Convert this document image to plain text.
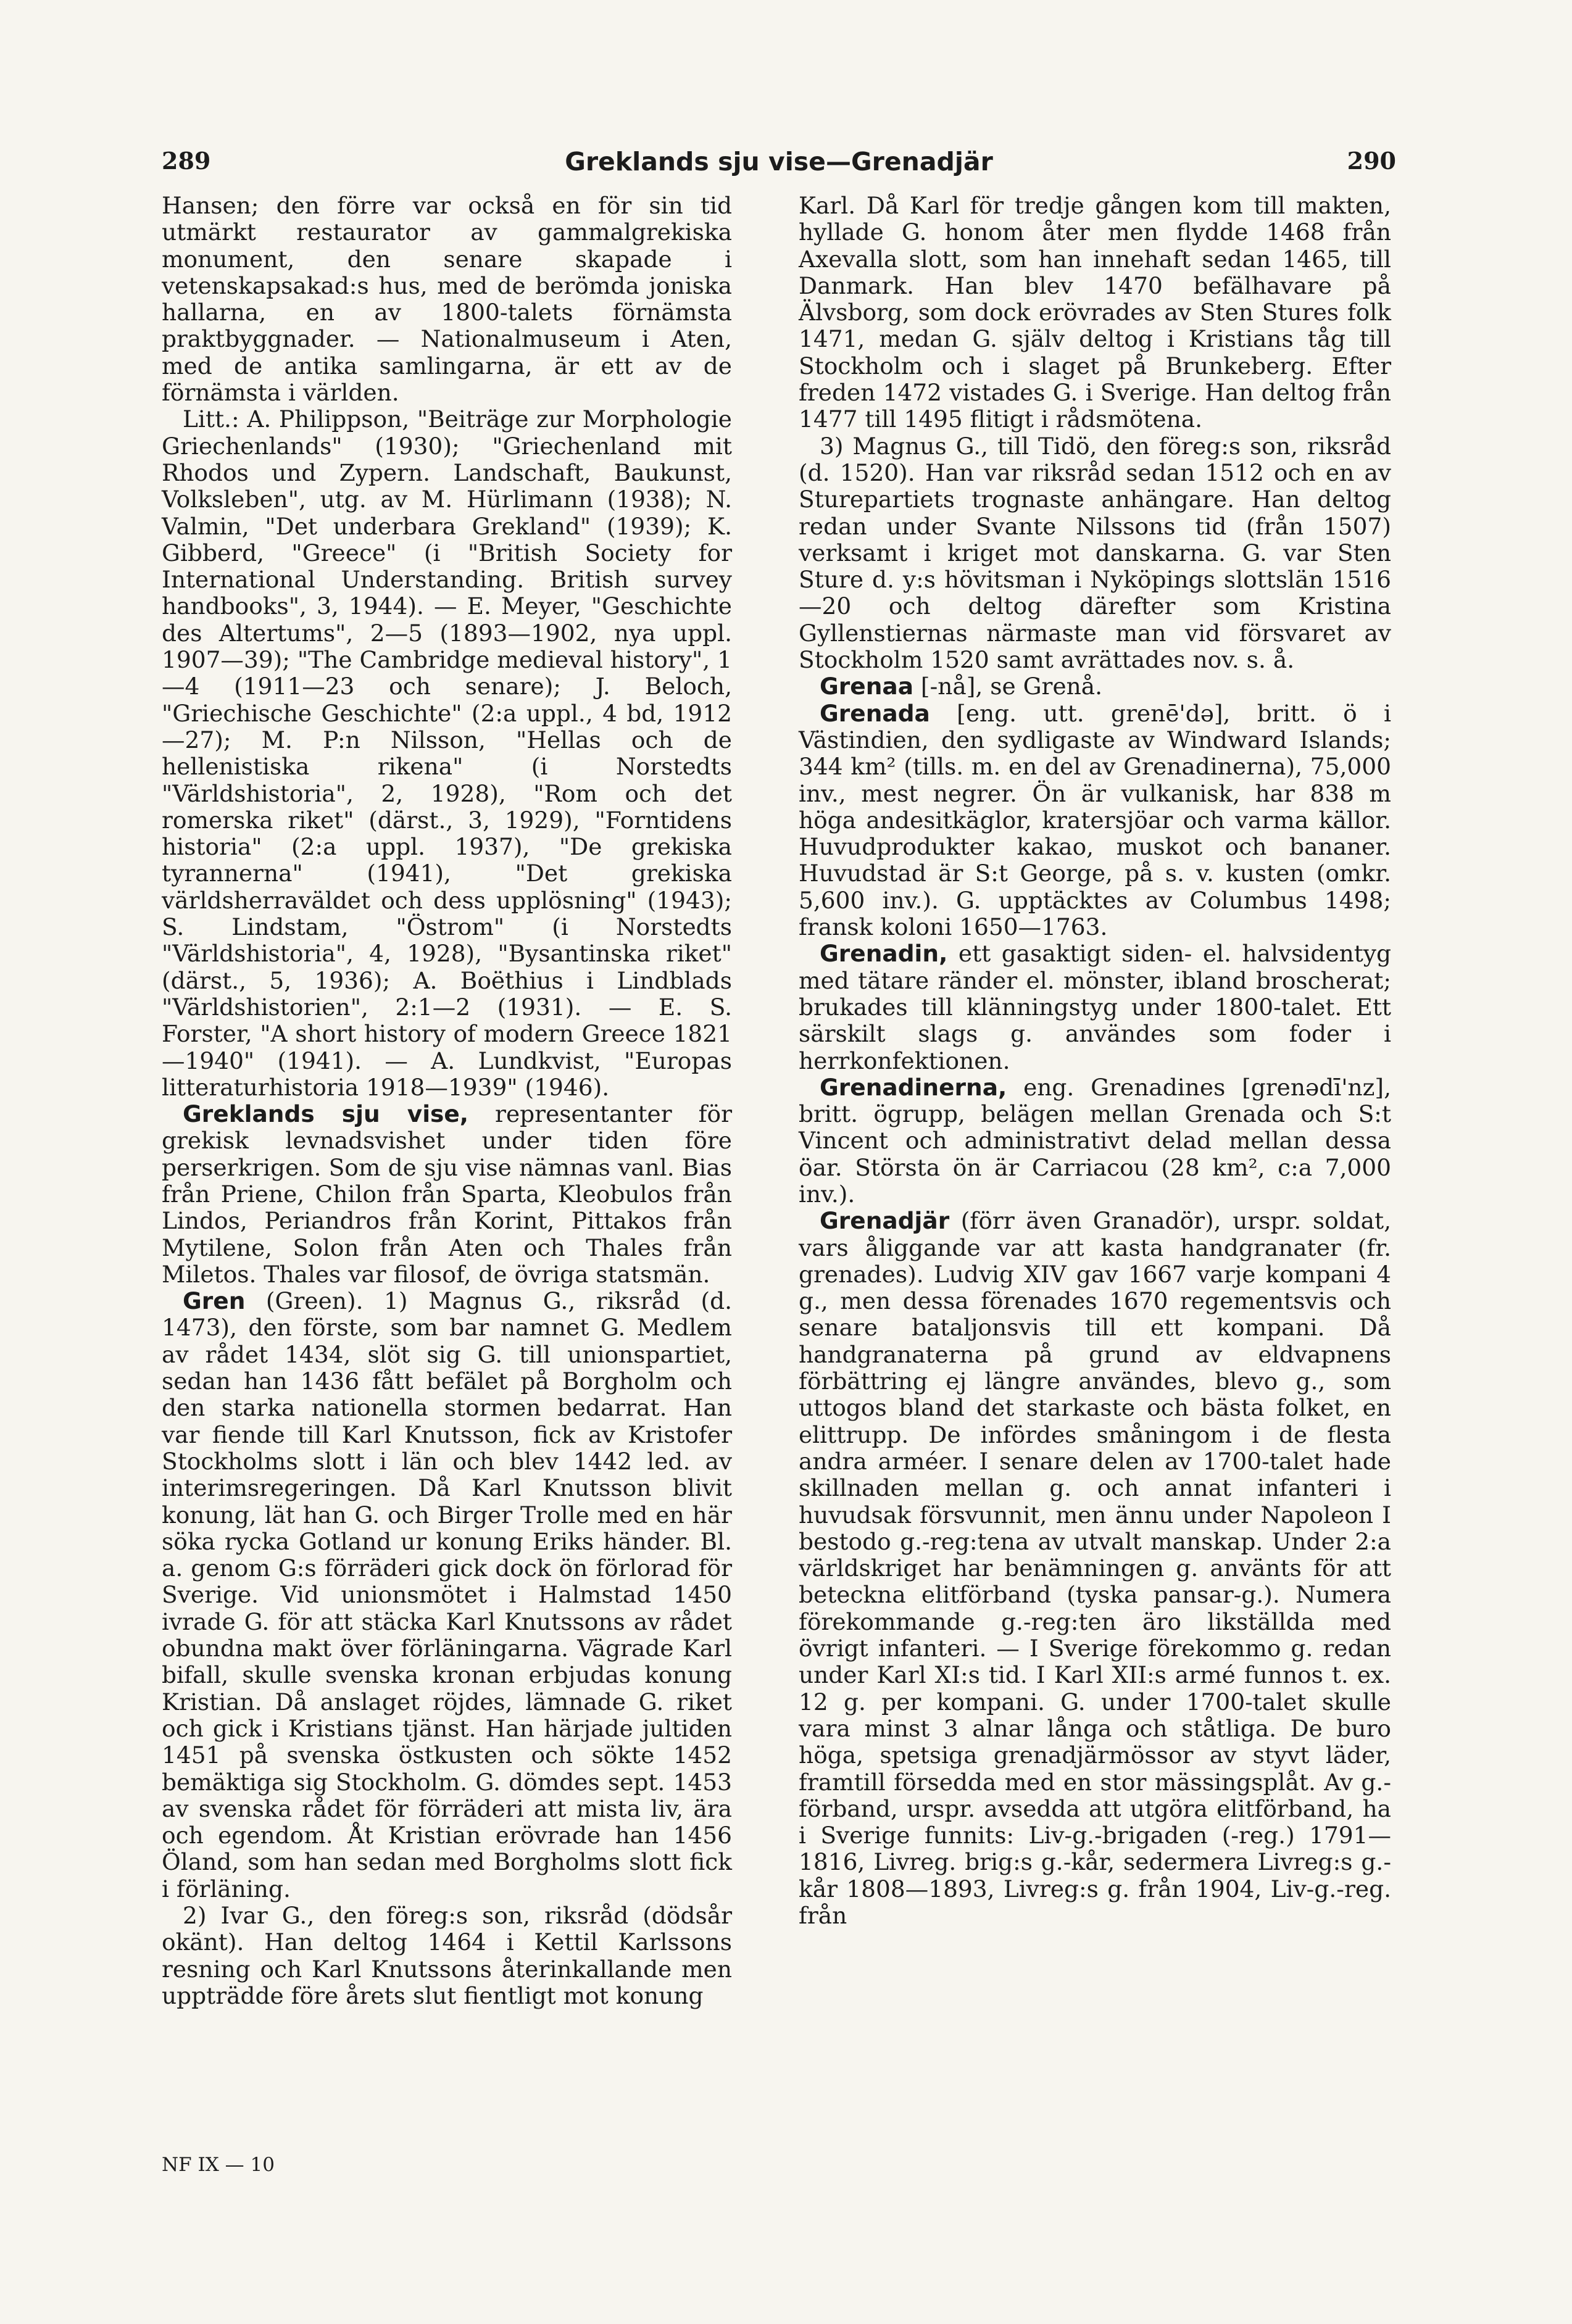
289	Greklands sju vise—Grenadjär	290

Hansen; den förre var också en för sin tid utmärkt restaurator av gammalgrekiska monument, den senare skapade i vetenskapsakad:s hus, med de berömda joniska hallarna, en av 1800-talets förnämsta praktbyggnader. — Nationalmuseum i Aten, med de antika samlingarna, är ett av de förnämsta i världen.

Litt.: A. Philippson, "Beiträge zur Morphologie Griechenlands" (1930); "Griechenland mit Rhodos und Zypern. Landschaft, Baukunst, Volksleben", utg. av M. Hürlimann (1938); N. Valmin, "Det underbara Grekland" (1939); K. Gibberd, "Greece" (i "British Society for International Understanding. British survey handbooks", 3, 1944). — E. Meyer, "Geschichte des Altertums", 2—5 (1893—1902, nya uppl. 1907—39); "The Cambridge medieval history", 1—4 (1911—23 och senare); J. Beloch, "Griechische Geschichte" (2:a uppl., 4 bd, 1912—27); M. P:n Nilsson, "Hellas och de hellenistiska rikena" (i Norstedts "Världshistoria", 2, 1928), "Rom och det romerska riket" (därst., 3, 1929), "Forntidens historia" (2:a uppl. 1937), "De grekiska tyrannerna" (1941), "Det grekiska världsherraväldet och dess upplösning" (1943); S. Lindstam, "Östrom" (i Norstedts "Världshistoria", 4, 1928), "Bysantinska riket" (därst., 5, 1936); A. Boëthius i Lindblads "Världshistorien", 2:1—2 (1931). — E. S. Forster, "A short history of modern Greece 1821—1940" (1941). — A. Lundkvist, "Europas litteraturhistoria 1918—1939" (1946).

Greklands sju vise, representanter för grekisk levnadsvishet under tiden före perserkrigen. Som de sju vise nämnas vanl. Bias från Priene, Chilon från Sparta, Kleobulos från Lindos, Periandros från Korint, Pittakos från Mytilene, Solon från Aten och Thales från Miletos. Thales var filosof, de övriga statsmän.

Gren (Green). 1) Magnus G., riksråd (d. 1473), den förste, som bar namnet G. Medlem av rådet 1434, slöt sig G. till unionspartiet, sedan han 1436 fått befälet på Borgholm och den starka nationella stormen bedarrat. Han var fiende till Karl Knutsson, fick av Kristofer Stockholms slott i län och blev 1442 led. av interimsregeringen. Då Karl Knutsson blivit konung, lät han G. och Birger Trolle med en här söka rycka Gotland ur konung Eriks händer. Bl. a. genom G:s förräderi gick dock ön förlorad för Sverige. Vid unionsmötet i Halmstad 1450 ivrade G. för att stäcka Karl Knutssons av rådet obundna makt över förläningarna. Vägrade Karl bifall, skulle svenska kronan erbjudas konung Kristian. Då anslaget röjdes, lämnade G. riket och gick i Kristians tjänst. Han härjade jultiden 1451 på svenska östkusten och sökte 1452 bemäktiga sig Stockholm. G. dömdes sept. 1453 av svenska rådet för förräderi att mista liv, ära och egendom. Åt Kristian erövrade han 1456 Öland, som han sedan med Borgholms slott fick i förläning.

2) Ivar G., den föreg:s son, riksråd (dödsår okänt). Han deltog 1464 i Kettil Karlssons resning och Karl Knutssons återinkallande men uppträdde före årets slut fientligt mot konung

Karl. Då Karl för tredje gången kom till makten, hyllade G. honom åter men flydde 1468 från Axevalla slott, som han innehaft sedan 1465, till Danmark. Han blev 1470 befälhavare på Älvsborg, som dock erövrades av Sten Stures folk 1471, medan G. själv deltog i Kristians tåg till Stockholm och i slaget på Brunkeberg. Efter freden 1472 vistades G. i Sverige. Han deltog från 1477 till 1495 flitigt i rådsmötena.

3) Magnus G., till Tidö, den föreg:s son, riksråd (d. 1520). Han var riksråd sedan 1512 och en av Sturepartiets trognaste anhängare. Han deltog redan under Svante Nilssons tid (från 1507) verksamt i kriget mot danskarna. G. var Sten Sture d. y:s hövitsman i Nyköpings slottslän 1516—20 och deltog därefter som Kristina Gyllenstiernas närmaste man vid försvaret av Stockholm 1520 samt avrättades nov. s. å.

Grenaa [-nå], se Grenå.

Grenada [eng. utt. grenē'də], britt. ö i Västindien, den sydligaste av Windward Islands; 344 km² (tills. m. en del av Grenadinerna), 75,000 inv., mest negrer. Ön är vulkanisk, har 838 m höga andesitkäglor, kratersjöar och varma källor. Huvudprodukter kakao, muskot och bananer. Huvudstad är S:t George, på s. v. kusten (omkr. 5,600 inv.). G. upptäcktes av Columbus 1498; fransk koloni 1650—1763.

Grenadin, ett gasaktigt siden- el. halvsidentyg med tätare ränder el. mönster, ibland broscherat; brukades till klänningstyg under 1800-talet. Ett särskilt slags g. användes som foder i herrkonfektionen.

Grenadinerna, eng. Grenadines [grenədī'nz], britt. ögrupp, belägen mellan Grenada och S:t Vincent och administrativt delad mellan dessa öar. Största ön är Carriacou (28 km², c:a 7,000 inv.).

Grenadjär (förr även Granadör), urspr. soldat, vars åliggande var att kasta handgranater (fr. grenades). Ludvig XIV gav 1667 varje kompani 4 g., men dessa förenades 1670 regementsvis och senare bataljonsvis till ett kompani. Då handgranaterna på grund av eldvapnens förbättring ej längre användes, blevo g., som uttogos bland det starkaste och bästa folket, en elittrupp. De infördes småningom i de flesta andra arméer. I senare delen av 1700-talet hade skillnaden mellan g. och annat infanteri i huvudsak försvunnit, men ännu under Napoleon I bestodo g.-reg:tena av utvalt manskap. Under 2:a världskriget har benämningen g. använts för att beteckna elitförband (tyska pansar-g.). Numera förekommande g.-reg:ten äro likställda med övrigt infanteri. — I Sverige förekommo g. redan under Karl XI:s tid. I Karl XII:s armé funnos t. ex. 12 g. per kompani. G. under 1700-talet skulle vara minst 3 alnar långa och ståtliga. De buro höga, spetsiga grenadjärmössor av styvt läder, framtill försedda med en stor mässingsplåt. Av g.-förband, urspr. avsedda att utgöra elitförband, ha i Sverige funnits: Liv-g.-brigaden (-reg.) 1791—1816, Livreg. brig:s g.-kår, sedermera Livreg:s g.-kår 1808—1893, Livreg:s g. från 1904, Liv-g.-reg. från

NF IX — 10
